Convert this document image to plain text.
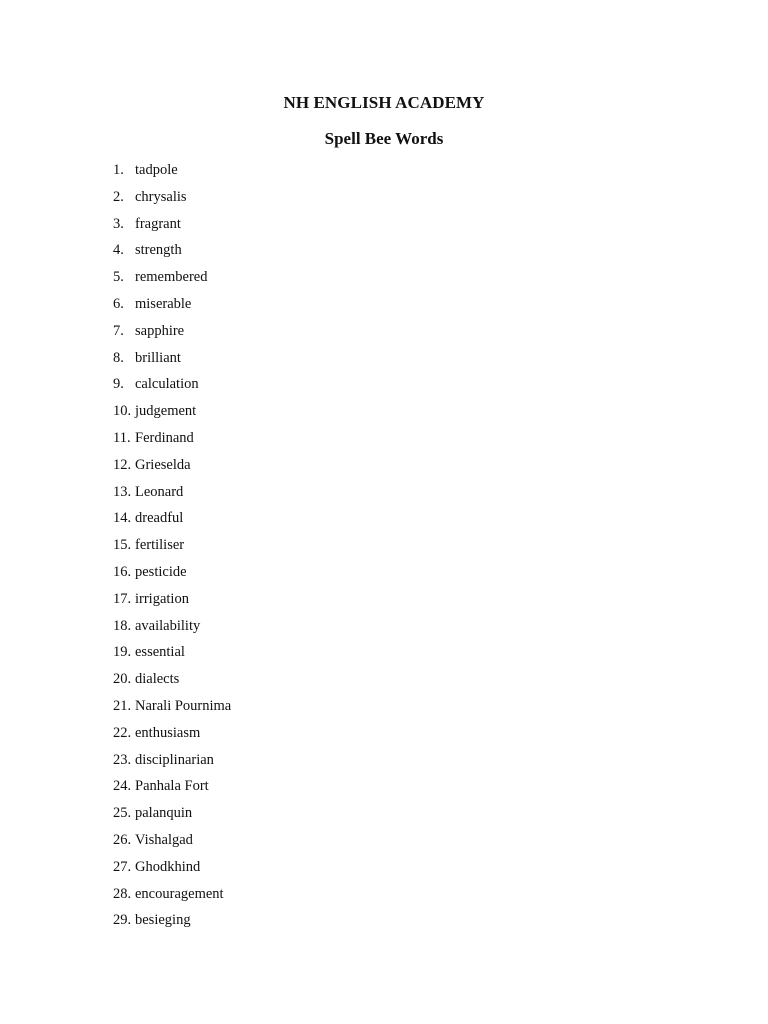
NH ENGLISH ACADEMY
Spell Bee Words
1. tadpole
2. chrysalis
3. fragrant
4. strength
5. remembered
6. miserable
7. sapphire
8. brilliant
9. calculation
10. judgement
11. Ferdinand
12. Grieselda
13. Leonard
14. dreadful
15. fertiliser
16. pesticide
17. irrigation
18. availability
19. essential
20. dialects
21. Narali Pournima
22. enthusiasm
23. disciplinarian
24. Panhala Fort
25. palanquin
26. Vishalgad
27. Ghodkhind
28. encouragement
29. besieging
